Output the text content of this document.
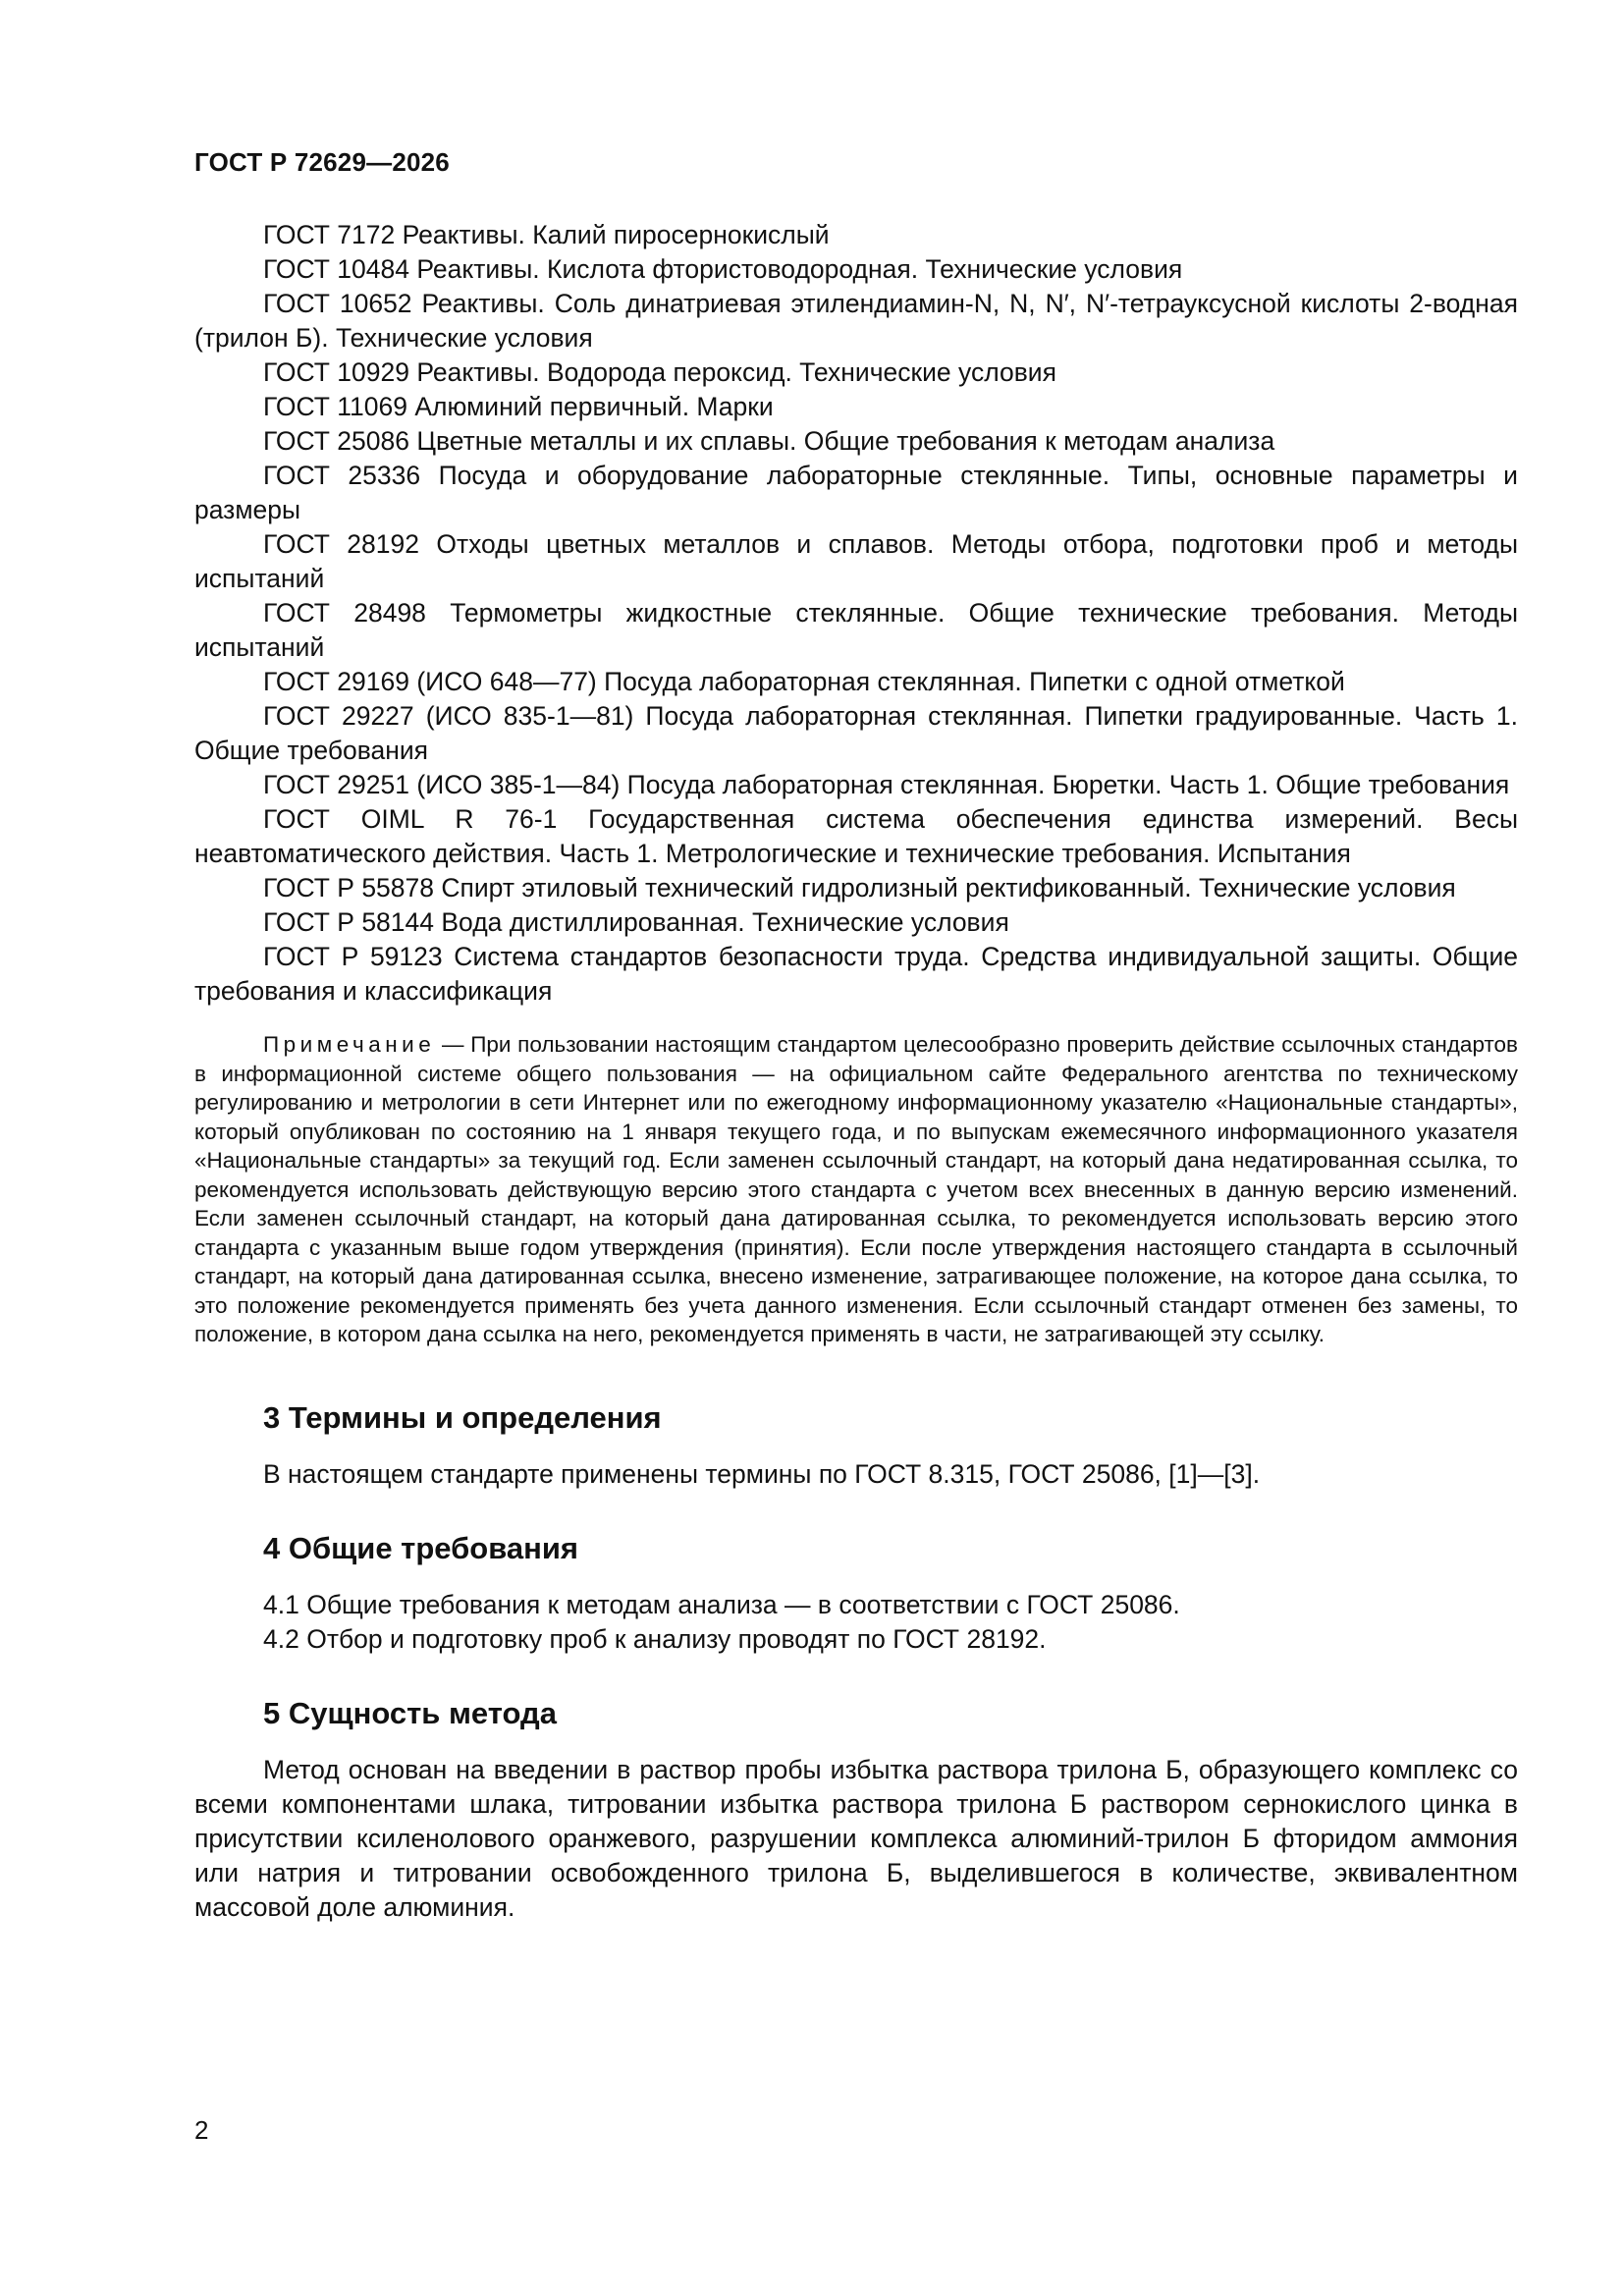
ГОСТ Р 72629—2026

ГОСТ 7172 Реактивы. Калий пиросернокислый

ГОСТ 10484 Реактивы. Кислота фтористоводородная. Технические условия

ГОСТ 10652 Реактивы. Соль динатриевая этилендиамин-N, N, N′, N′-тетрауксусной кислоты 2-водная (трилон Б). Технические условия

ГОСТ 10929 Реактивы. Водорода пероксид. Технические условия

ГОСТ 11069 Алюминий первичный. Марки

ГОСТ 25086 Цветные металлы и их сплавы. Общие требования к методам анализа

ГОСТ 25336 Посуда и оборудование лабораторные стеклянные. Типы, основные параметры и размеры

ГОСТ 28192 Отходы цветных металлов и сплавов. Методы отбора, подготовки проб и методы испытаний

ГОСТ 28498 Термометры жидкостные стеклянные. Общие технические требования. Методы испытаний

ГОСТ 29169 (ИСО 648—77) Посуда лабораторная стеклянная. Пипетки с одной отметкой

ГОСТ 29227 (ИСО 835-1—81) Посуда лабораторная стеклянная. Пипетки градуированные. Часть 1. Общие требования

ГОСТ 29251 (ИСО 385-1—84) Посуда лабораторная стеклянная. Бюретки. Часть 1. Общие требования

ГОСТ OIML R 76-1 Государственная система обеспечения единства измерений. Весы неавтоматического действия. Часть 1. Метрологические и технические требования. Испытания

ГОСТ Р 55878 Спирт этиловый технический гидролизный ректификованный. Технические условия

ГОСТ Р 58144 Вода дистиллированная. Технические условия

ГОСТ Р 59123 Система стандартов безопасности труда. Средства индивидуальной защиты. Общие требования и классификация

Примечание — При пользовании настоящим стандартом целесообразно проверить действие ссылочных стандартов в информационной системе общего пользования — на официальном сайте Федерального агентства по техническому регулированию и метрологии в сети Интернет или по ежегодному информационному указателю «Национальные стандарты», который опубликован по состоянию на 1 января текущего года, и по выпускам ежемесячного информационного указателя «Национальные стандарты» за текущий год. Если заменен ссылочный стандарт, на который дана недатированная ссылка, то рекомендуется использовать действующую версию этого стандарта с учетом всех внесенных в данную версию изменений. Если заменен ссылочный стандарт, на который дана датированная ссылка, то рекомендуется использовать версию этого стандарта с указанным выше годом утверждения (принятия). Если после утверждения настоящего стандарта в ссылочный стандарт, на который дана датированная ссылка, внесено изменение, затрагивающее положение, на которое дана ссылка, то это положение рекомендуется применять без учета данного изменения. Если ссылочный стандарт отменен без замены, то положение, в котором дана ссылка на него, рекомендуется применять в части, не затрагивающей эту ссылку.
3 Термины и определения

В настоящем стандарте применены термины по ГОСТ 8.315, ГОСТ 25086, [1]—[3].

4 Общие требования

4.1 Общие требования к методам анализа — в соответствии с ГОСТ 25086.

4.2 Отбор и подготовку проб к анализу проводят по ГОСТ 28192.

5 Сущность метода

Метод основан на введении в раствор пробы избытка раствора трилона Б, образующего комплекс со всеми компонентами шлака, титровании избытка раствора трилона Б раствором сернокислого цинка в присутствии ксиленолового оранжевого, разрушении комплекса алюминий-трилон Б фторидом аммония или натрия и титровании освобожденного трилона Б, выделившегося в количестве, эквивалентном массовой доле алюминия.

2
